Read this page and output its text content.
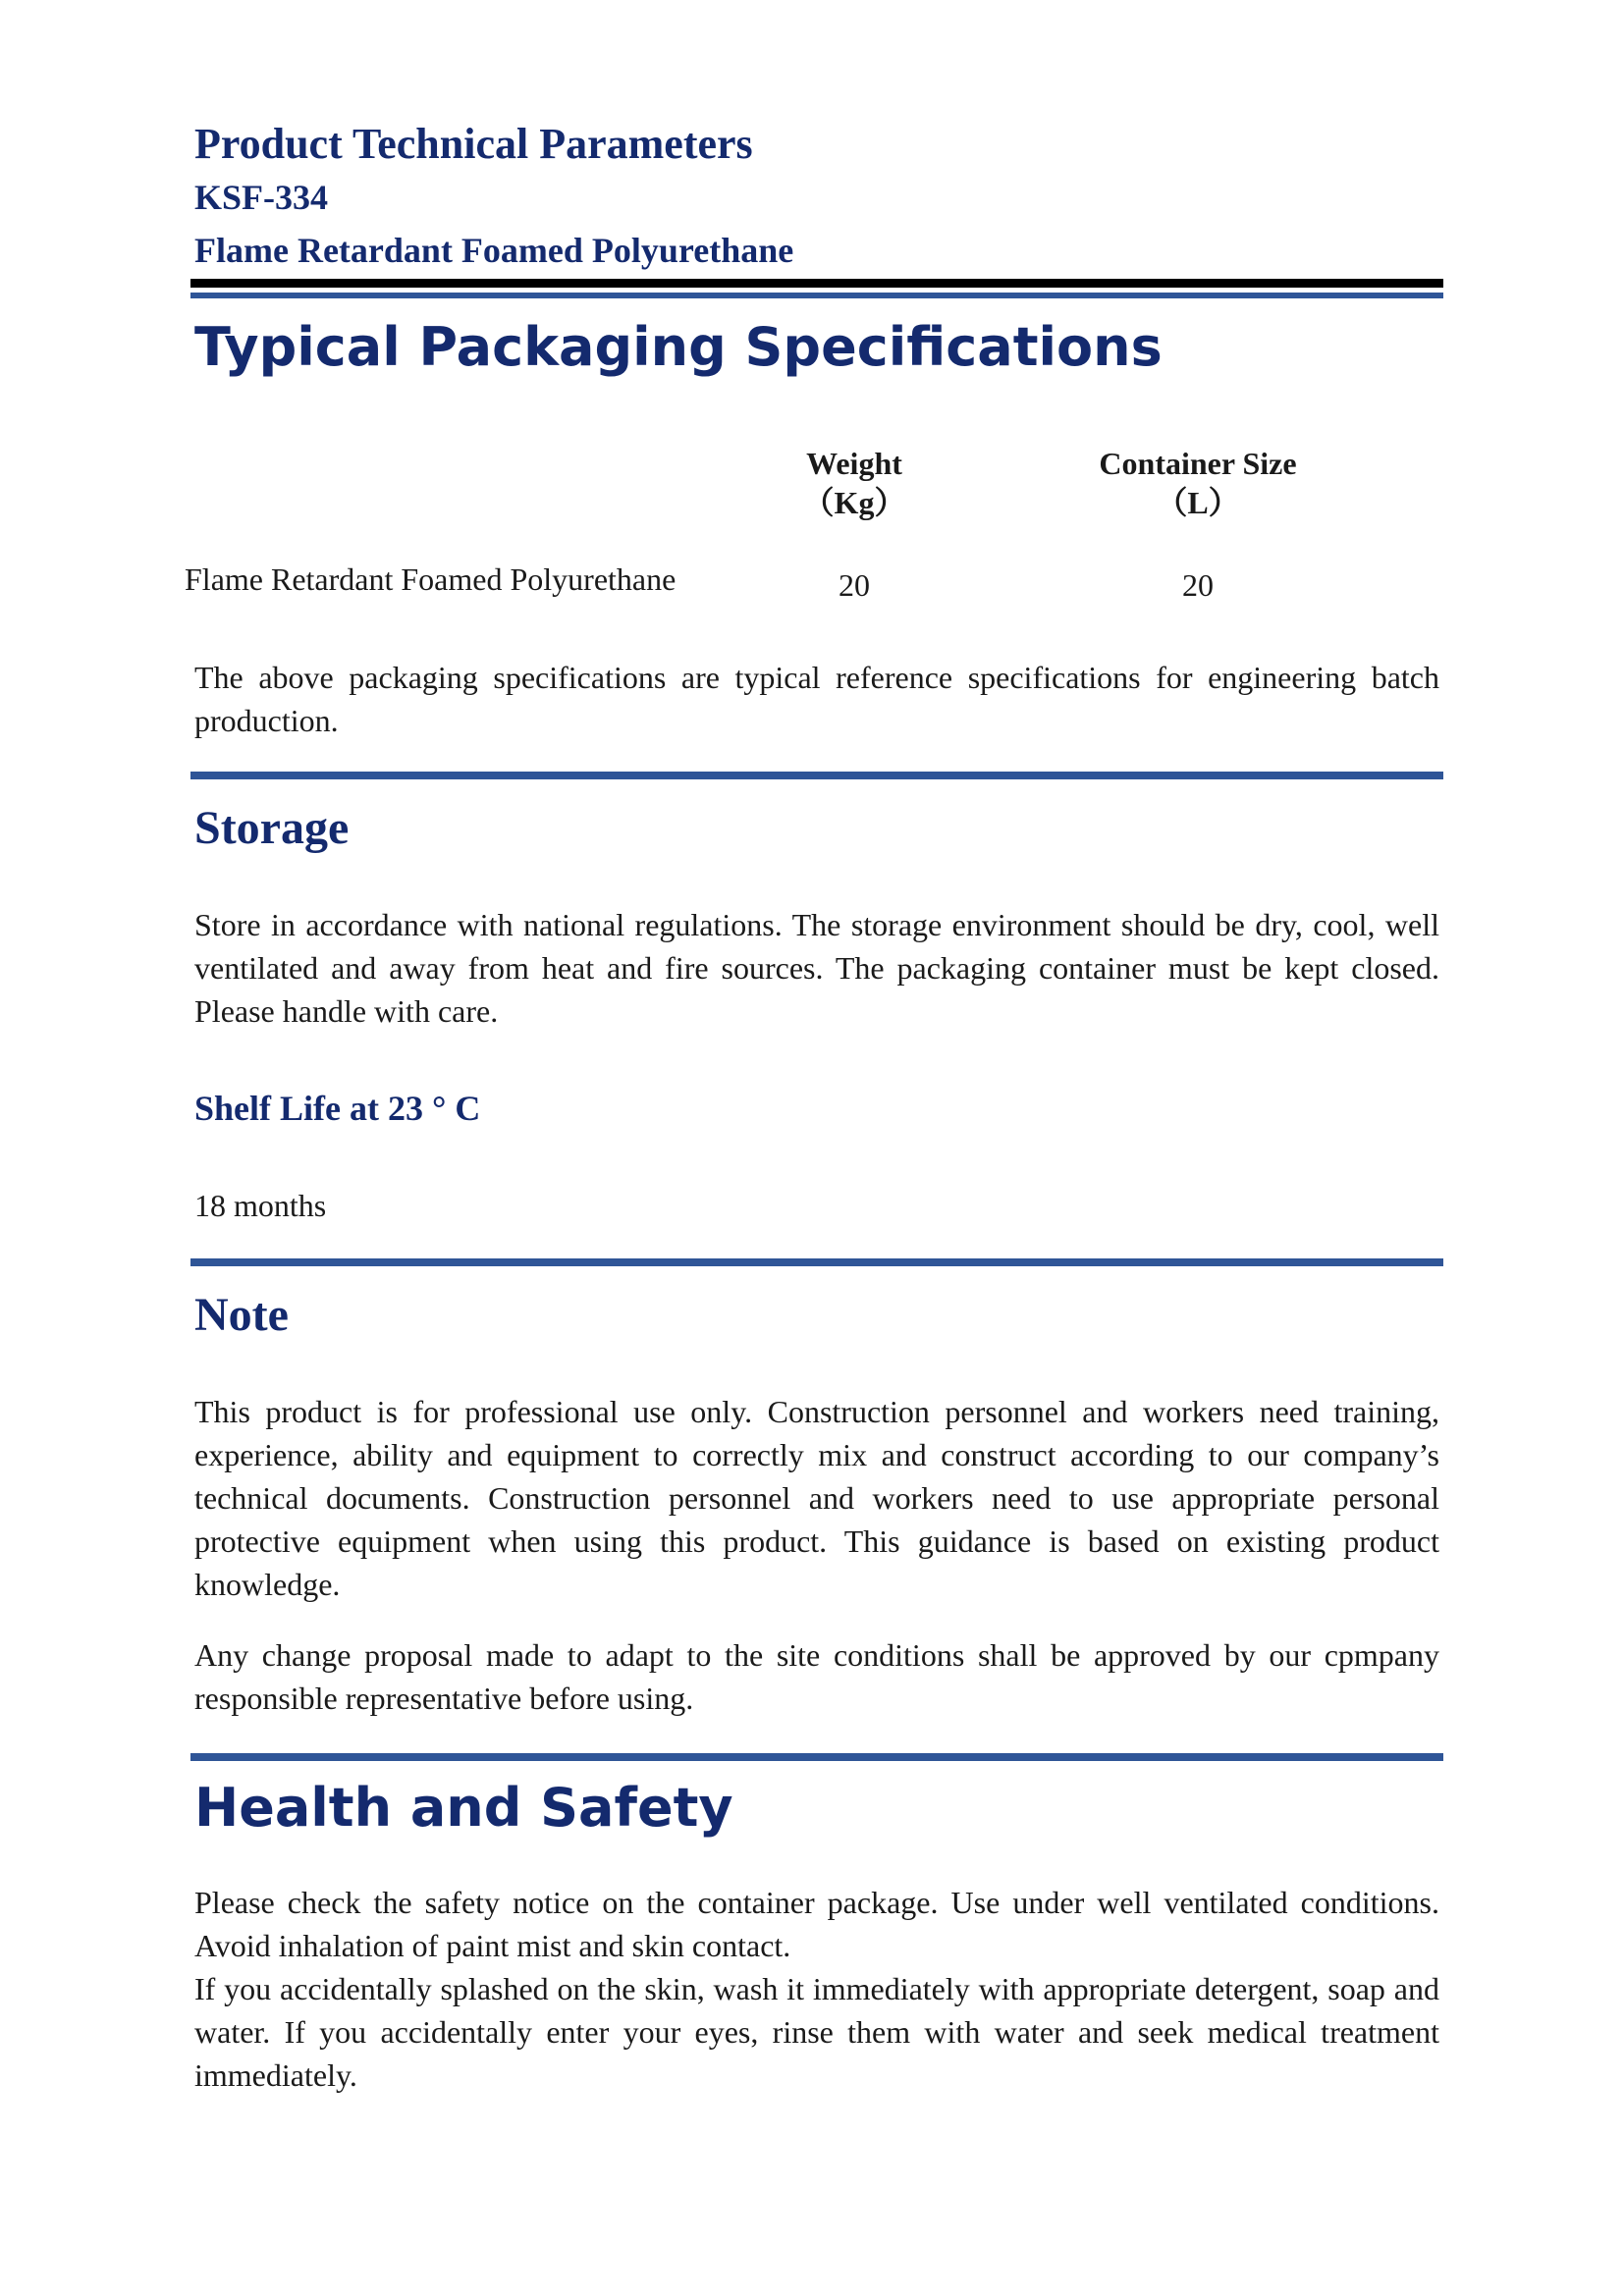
Product Technical Parameters
KSF-334
Flame Retardant Foamed Polyurethane
Typical Packaging Specifications
Weight
（Kg）
Container Size
（L）
Flame Retardant Foamed Polyurethane	20	20

The above packaging specifications are typical reference specifications for engineering batch production.

Storage

Store in accordance with national regulations. The storage environment should be dry, cool, well ventilated and away from heat and fire sources. The packaging container must be kept closed. Please handle with care.

Shelf Life at 23 ° C
18 months
Note

This product is for professional use only. Construction personnel and workers need training, experience, ability and equipment to correctly mix and construct according to our company’s technical documents. Construction personnel and workers need to use appropriate personal protective equipment when using this product. This guidance is based on existing product knowledge.

Any change proposal made to adapt to the site conditions shall be approved by our cpmpany responsible representative before using.

Health and Safety

Please check the safety notice on the container package. Use under well ventilated conditions. Avoid inhalation of paint mist and skin contact.

If you accidentally splashed on the skin, wash it immediately with appropriate detergent, soap and water. If you accidentally enter your eyes, rinse them with water and seek medical treatment immediately.
